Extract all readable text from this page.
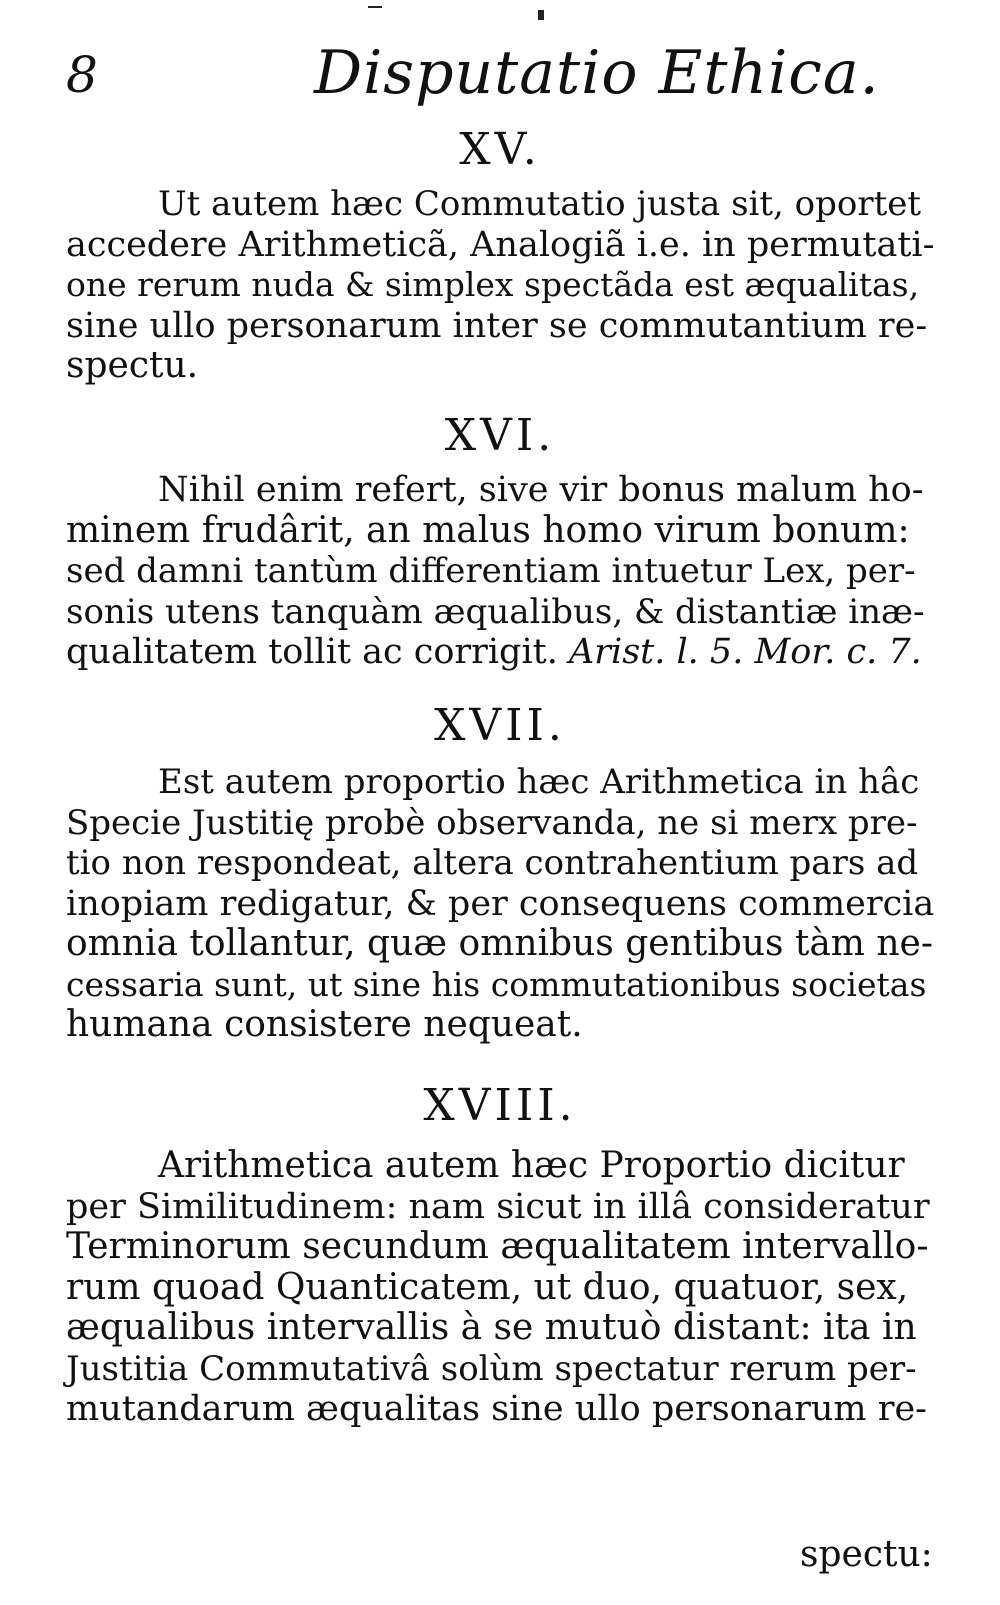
8	Disputatio Ethica.
XV.

Ut autem hæc Commutatio justa sit, oportet
accedere Arithmeticã, Analogiã i.e. in permutati-
one rerum nuda & simplex spectãda est æqualitas,
sine ullo personarum inter se commutantium re-
spectu.

XVI.

Nihil enim refert, sive vir bonus malum ho-
minem frudârit, an malus homo virum bonum:
sed damni tantùm differentiam intuetur Lex, per-
sonis utens tanquàm æqualibus, & distantiæ inæ-
qualitatem tollit ac corrigit. Arist. l. 5. Mor. c. 7.

XVII.

Est autem proportio hæc Arithmetica in hâc
Specie Justitię probè observanda, ne si merx pre-
tio non respondeat, altera contrahentium pars ad
inopiam redigatur, & per consequens commercia
omnia tollantur, quæ omnibus gentibus tàm ne-
cessaria sunt, ut sine his commutationibus societas
humana consistere nequeat.

XVIII.

Arithmetica autem hæc Proportio dicitur
per Similitudinem: nam sicut in illâ consideratur
Terminorum secundum æqualitatem intervallo-
rum quoad Quanticatem, ut duo, quatuor, sex,
æqualibus intervallis à se mutuò distant: ita in
Justitia Commutativâ solùm spectatur rerum per-
mutandarum æqualitas sine ullo personarum re-

spectu:
